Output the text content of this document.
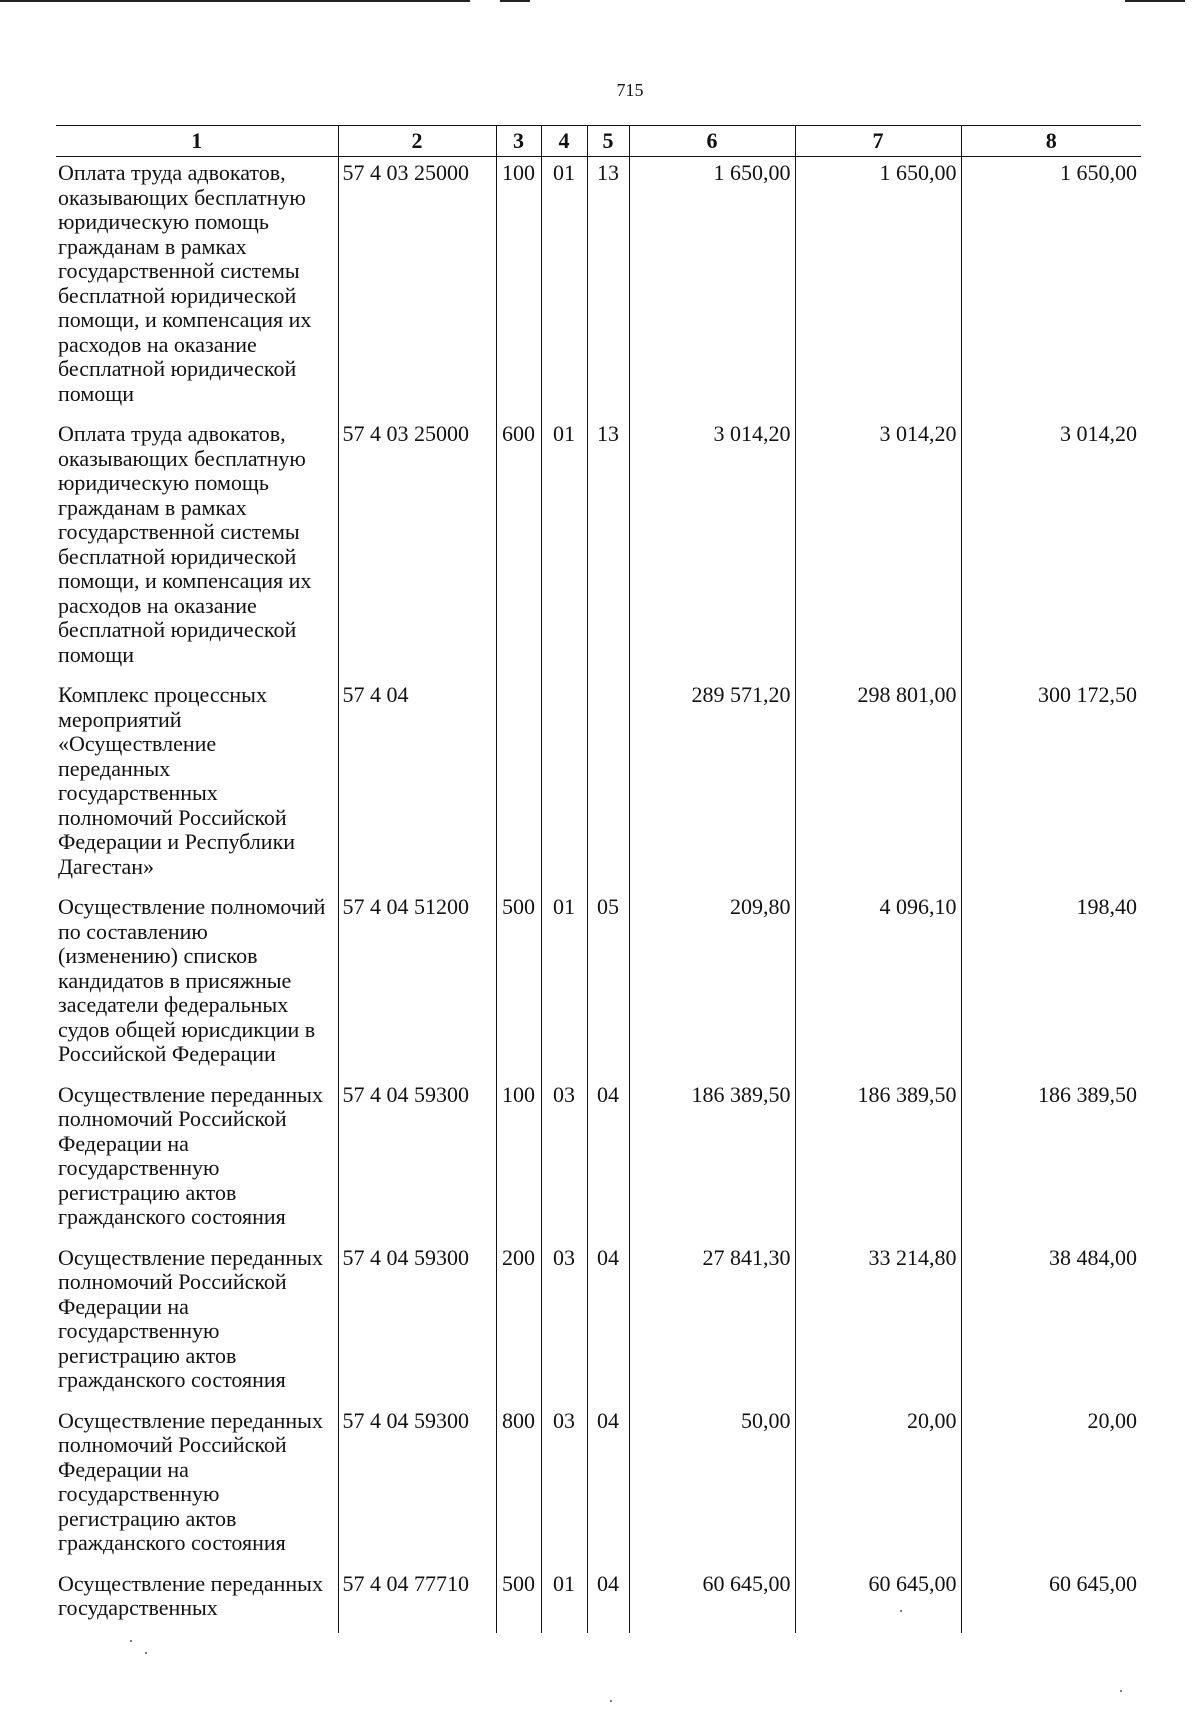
715
1	2	3	4	5	6	7	8
Оплата труда адвокатов, оказывающих бесплатную юридическую помощь гражданам в рамках государственной системы бесплатной юридической помощи, и компенсация их расходов на оказание бесплатной юридической помощи	57 4 03 25000	100	01	13	1 650,00	1 650,00	1 650,00
Оплата труда адвокатов, оказывающих бесплатную юридическую помощь гражданам в рамках государственной системы бесплатной юридической помощи, и компенсация их расходов на оказание бесплатной юридической помощи	57 4 03 25000	600	01	13	3 014,20	3 014,20	3 014,20
Комплекс процессных мероприятий «Осуществление переданных государственных полномочий Российской Федерации и Республики Дагестан»	57 4 04				289 571,20	298 801,00	300 172,50
Осуществление полномочий по составлению (изменению) списков кандидатов в присяжные заседатели федеральных судов общей юрисдикции в Российской Федерации	57 4 04 51200	500	01	05	209,80	4 096,10	198,40
Осуществление переданных полномочий Российской Федерации на государственную регистрацию актов гражданского состояния	57 4 04 59300	100	03	04	186 389,50	186 389,50	186 389,50
Осуществление переданных полномочий Российской Федерации на государственную регистрацию актов гражданского состояния	57 4 04 59300	200	03	04	27 841,30	33 214,80	38 484,00
Осуществление переданных полномочий Российской Федерации на государственную регистрацию актов гражданского состояния	57 4 04 59300	800	03	04	50,00	20,00	20,00
Осуществление переданных государственных	57 4 04 77710	500	01	04	60 645,00	60 645,00	60 645,00
